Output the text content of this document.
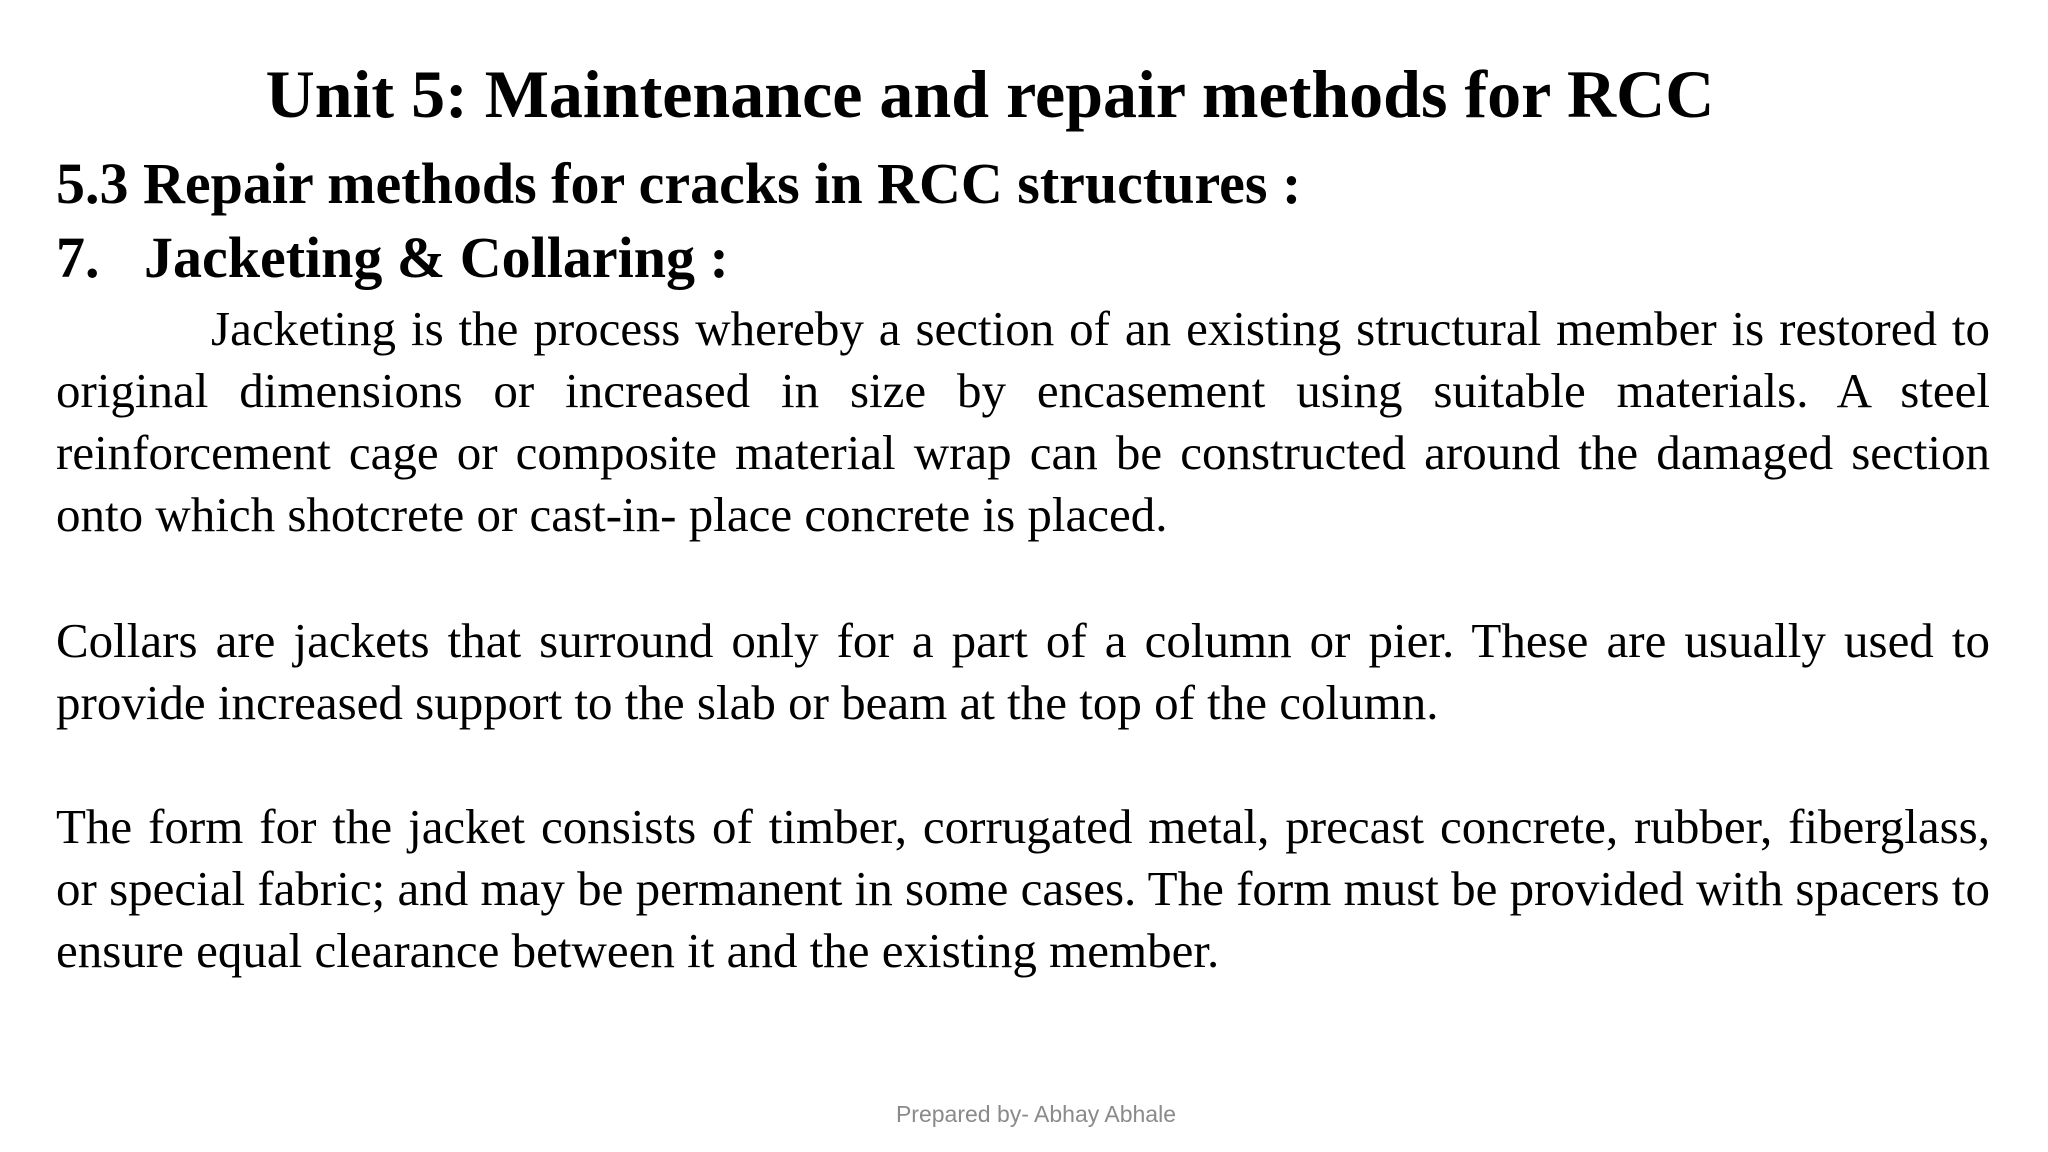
Unit 5: Maintenance and repair methods for RCC
5.3 Repair methods for cracks in RCC structures :
7. Jacketing & Collaring :

Jacketing is the process whereby a section of an existing structural member is restored to original dimensions or increased in size by encasement using suitable materials. A steel reinforcement cage or composite material wrap can be constructed around the damaged section onto which shotcrete or cast-in- place concrete is placed.

Collars are jackets that surround only for a part of a column or pier. These are usually used to provide increased support to the slab or beam at the top of the column.

The form for the jacket consists of timber, corrugated metal, precast concrete, rubber, fiberglass, or special fabric; and may be permanent in some cases. The form must be provided with spacers to ensure equal clearance between it and the existing member.

Prepared by- Abhay Abhale
